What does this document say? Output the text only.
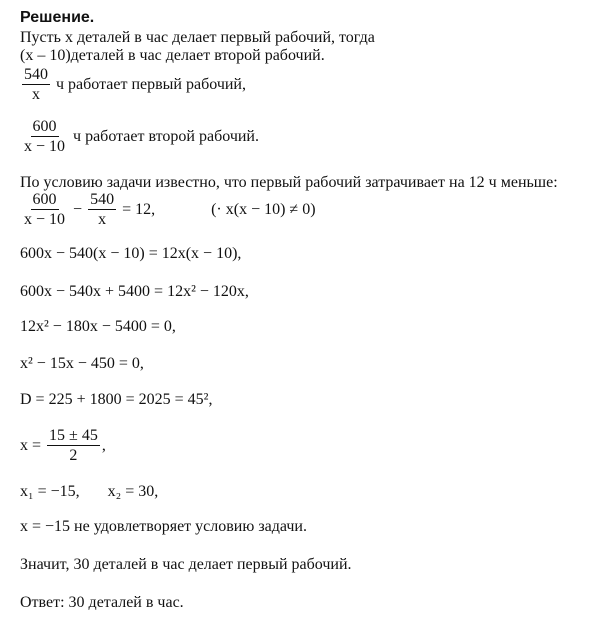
Решение.
Пусть x деталей в час делает первый рабочий, тогда
(x – 10)деталей в час делает второй рабочий.
$\frac{540}{x}$
ч работает первый рабочий,
$\frac{600}{x - 10}$
ч работает второй рабочий.
По условию задачи известно, что первый рабочий затрачивает на 12 ч меньше:
$\frac{600}{x - 10}$
−
$\frac{540}{x}$
= 12,	(· x(x − 10) ≠ 0)
600x − 540(x − 10) = 12x(x − 10),
600x − 540x + 5400 = 12x² − 120x,
12x² − 180x − 5400 = 0,
x² − 15x − 450 = 0,
D = 225 + 1800 = 2025 = 45²,
x =
$\frac{15 \pm 45}{2}$ ,
x₁ = −15, x₂ = 30,
x = −15 не удовлетворяет условию задачи.
Значит, 30 деталей в час делает первый рабочий.
Ответ: 30 деталей в час.
